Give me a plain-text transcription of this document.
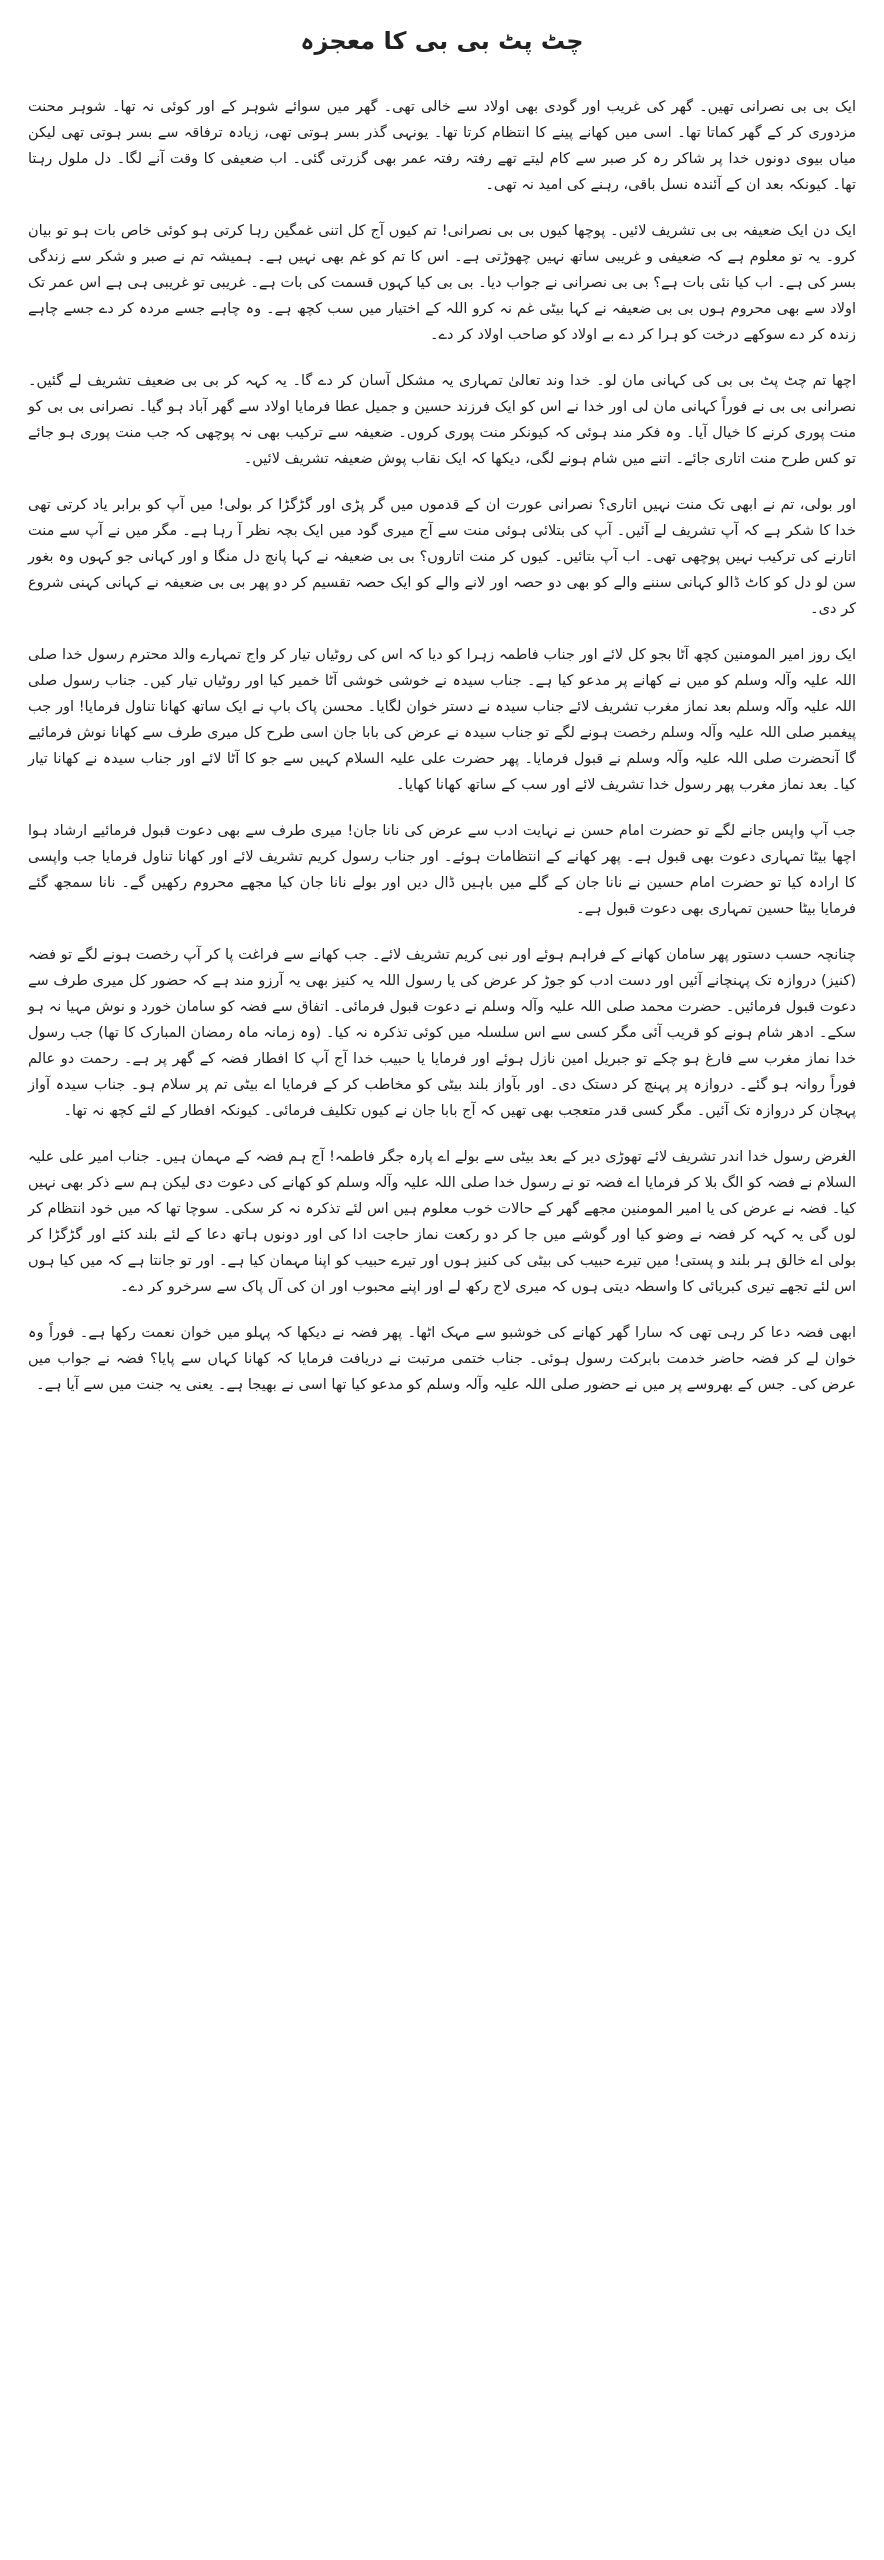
چٹ پٹ بی بی کا معجزہ

ایک بی بی نصرانی تھیں۔ گھر کی غریب اور گودی بھی اولاد سے خالی تھی۔ گھر میں سوائے شوہر کے اور کوئی نہ تھا۔ شوہر محنت مزدوری کر کے گھر کماتا تھا۔ اسی میں کھانے پینے کا انتظام کرتا تھا۔ یونہی گذر بسر ہوتی تھی، زیادہ ترفاقہ سے بسر ہوتی تھی لیکن میاں بیوی دونوں خدا پر شاکر رہ کر صبر سے کام لیتے تھے رفتہ رفتہ عمر بھی گزرتی گئی۔ اب ضعیفی کا وقت آنے لگا۔ دل ملول رہتا تھا۔ کیونکہ بعد ان کے آئندہ نسل باقی، رہنے کی امید نہ تھی۔

ایک دن ایک ضعیفہ بی بی تشریف لائیں۔ پوچھا کیوں بی بی نصرانی! تم کیوں آج کل اتنی غمگین رہا کرتی ہو کوئی خاص بات ہو تو بیان کرو۔ یہ تو معلوم ہے کہ ضعیفی و غریبی ساتھ نہیں چھوڑتی ہے۔ اس کا تم کو غم بھی نہیں ہے۔ ہمیشہ تم نے صبر و شکر سے زندگی بسر کی ہے۔ اب کیا نئی بات ہے؟ بی بی نصرانی نے جواب دیا۔ بی بی کیا کہوں قسمت کی بات ہے۔ غریبی تو غریبی ہی ہے اس عمر تک اولاد سے بھی محروم ہوں بی بی ضعیفہ نے کہا بیٹی غم نہ کرو اللہ کے اختیار میں سب کچھ ہے۔ وہ چاہے جسے مردہ کر دے جسے چاہے زندہ کر دے سوکھے درخت کو ہرا کر دے بے اولاد کو صاحب اولاد کر دے۔

اچھا تم چٹ پٹ بی بی کی کہانی مان لو۔ خدا وند تعالیٰ تمہاری یہ مشکل آسان کر دے گا۔ یہ کہہ کر بی بی ضعیف تشریف لے گئیں۔ نصرانی بی بی نے فوراً کہانی مان لی اور خدا نے اس کو ایک فرزند حسین و جمیل عطا فرمایا اولاد سے گھر آباد ہو گیا۔ نصرانی بی بی کو منت پوری کرنے کا خیال آیا۔ وہ فکر مند ہوئی کہ کیونکر منت پوری کروں۔ ضعیفہ سے ترکیب بھی نہ پوچھی کہ جب منت پوری ہو جائے تو کس طرح منت اتاری جائے۔ اتنے میں شام ہونے لگی، دیکھا کہ ایک نقاب پوش ضعیفہ تشریف لائیں۔

اور بولی، تم نے ابھی تک منت نہیں اتاری؟ نصرانی عورت ان کے قدموں میں گر پڑی اور گڑگڑا کر بولی! میں آپ کو برابر یاد کرتی تھی خدا کا شکر ہے کہ آپ تشریف لے آئیں۔ آپ کی بتلائی ہوئی منت سے آج میری گود میں ایک بچہ نظر آ رہا ہے۔ مگر میں نے آپ سے منت اتارنے کی ترکیب نہیں پوچھی تھی۔ اب آپ بتائیں۔ کیوں کر منت اتاروں؟ بی بی ضعیفہ نے کہا پانچ دل منگا و اور کہانی جو کہوں وہ بغور سن لو دل کو کاٹ ڈالو کہانی سننے والے کو بھی دو حصہ اور لانے والے کو ایک حصہ تقسیم کر دو پھر بی بی ضعیفہ نے کہانی کہنی شروع کر دی۔

ایک روز امیر المومنین کچھ آٹا بجو کل لائے اور جناب فاطمہ زہرا کو دیا کہ اس کی روٹیاں تیار کر واج تمہارے والد محترم رسول خدا صلی اللہ علیہ وآلہ وسلم کو میں نے کھانے پر مدعو کیا ہے۔ جناب سیدہ نے خوشی خوشی آٹا خمیر کیا اور روٹیاں تیار کیں۔ جناب رسول صلی اللہ علیہ وآلہ وسلم بعد نماز مغرب تشریف لائے جناب سیدہ نے دستر خوان لگایا۔ محسن پاک باپ نے ایک ساتھ کھانا تناول فرمایا! اور جب پیغمبر صلی اللہ علیہ وآلہ وسلم رخصت ہونے لگے تو جناب سیدہ نے عرض کی بابا جان اسی طرح کل میری طرف سے کھانا نوش فرمائیے گا آنحضرت صلی اللہ علیہ وآلہ وسلم نے قبول فرمایا۔ پھر حضرت علی علیہ السلام کہیں سے جو کا آٹا لائے اور جناب سیدہ نے کھانا تیار کیا۔ بعد نماز مغرب پھر رسول خدا تشریف لائے اور سب کے ساتھ کھانا کھایا۔

جب آپ واپس جانے لگے تو حضرت امام حسن نے نہایت ادب سے عرض کی نانا جان! میری طرف سے بھی دعوت قبول فرمائیے ارشاد ہوا اچھا بیٹا تمہاری دعوت بھی قبول ہے۔ پھر کھانے کے انتظامات ہوئے۔ اور جناب رسول کریم تشریف لائے اور کھانا تناول فرمایا جب واپسی کا ارادہ کیا تو حضرت امام حسین نے نانا جان کے گلے میں باہیں ڈال دیں اور بولے نانا جان کیا مجھے محروم رکھیں گے۔ نانا سمجھ گئے فرمایا بیٹا حسین تمہاری بھی دعوت قبول ہے۔

چنانچہ حسب دستور پھر سامان کھانے کے فراہم ہوئے اور نبی کریم تشریف لائے۔ جب کھانے سے فراغت پا کر آپ رخصت ہونے لگے تو فضہ (کنیز) دروازہ تک پہنچانے آئیں اور دست ادب کو جوڑ کر عرض کی یا رسول اللہ یہ کنیز بھی یہ آرزو مند ہے کہ حضور کل میری طرف سے دعوت قبول فرمائیں۔ حضرت محمد صلی اللہ علیہ وآلہ وسلم نے دعوت قبول فرمائی۔ اتفاق سے فضہ کو سامان خورد و نوش مہیا نہ ہو سکے۔ ادھر شام ہونے کو قریب آئی مگر کسی سے اس سلسلہ میں کوئی تذکرہ نہ کیا۔ (وہ زمانہ ماہ رمضان المبارک کا تھا) جب رسول خدا نماز مغرب سے فارغ ہو چکے تو جبریل امین نازل ہوئے اور فرمایا یا حبیب خدا آج آپ کا افطار فضہ کے گھر پر ہے۔ رحمت دو عالم فوراً روانہ ہو گئے۔ دروازہ پر پہنچ کر دستک دی۔ اور بآواز بلند بیٹی کو مخاطب کر کے فرمایا اے بیٹی تم پر سلام ہو۔ جناب سیدہ آواز پہچان کر دروازہ تک آئیں۔ مگر کسی قدر متعجب بھی تھیں کہ آج بابا جان نے کیوں تکلیف فرمائی۔ کیونکہ افطار کے لئے کچھ نہ تھا۔

الغرض رسول خدا اندر تشریف لائے تھوڑی دیر کے بعد بیٹی سے بولے اے پارہ جگر فاطمہ! آج ہم فضہ کے مہمان ہیں۔ جناب امیر علی علیہ السلام نے فضہ کو الگ بلا کر فرمایا اے فضہ تو نے رسول خدا صلی اللہ علیہ وآلہ وسلم کو کھانے کی دعوت دی لیکن ہم سے ذکر بھی نہیں کیا۔ فضہ نے عرض کی یا امیر المومنین مجھے گھر کے حالات خوب معلوم ہیں اس لئے تذکرہ نہ کر سکی۔ سوچا تھا کہ میں خود انتظام کر لوں گی یہ کہہ کر فضہ نے وضو کیا اور گوشے میں جا کر دو رکعت نماز حاجت ادا کی اور دونوں ہاتھ دعا کے لئے بلند کئے اور گڑگڑا کر بولی اے خالق ہر بلند و پستی! میں تیرے حبیب کی بیٹی کی کنیز ہوں اور تیرے حبیب کو اپنا مہمان کیا ہے۔ اور تو جانتا ہے کہ میں کیا ہوں اس لئے تجھے تیری کبریائی کا واسطہ دیتی ہوں کہ میری لاج رکھ لے اور اپنے محبوب اور ان کی آل پاک سے سرخرو کر دے۔

ابھی فضہ دعا کر رہی تھی کہ سارا گھر کھانے کی خوشبو سے مہک اٹھا۔ پھر فضہ نے دیکھا کہ پہلو میں خوان نعمت رکھا ہے۔ فوراً وہ خوان لے کر فضہ حاضر خدمت بابرکت رسول ہوئی۔ جناب ختمی مرتبت نے دریافت فرمایا کہ کھانا کہاں سے پایا؟ فضہ نے جواب میں عرض کی۔ جس کے بھروسے پر میں نے حضور صلی اللہ علیہ وآلہ وسلم کو مدعو کیا تھا اسی نے بھیجا ہے۔ یعنی یہ جنت میں سے آیا ہے۔
